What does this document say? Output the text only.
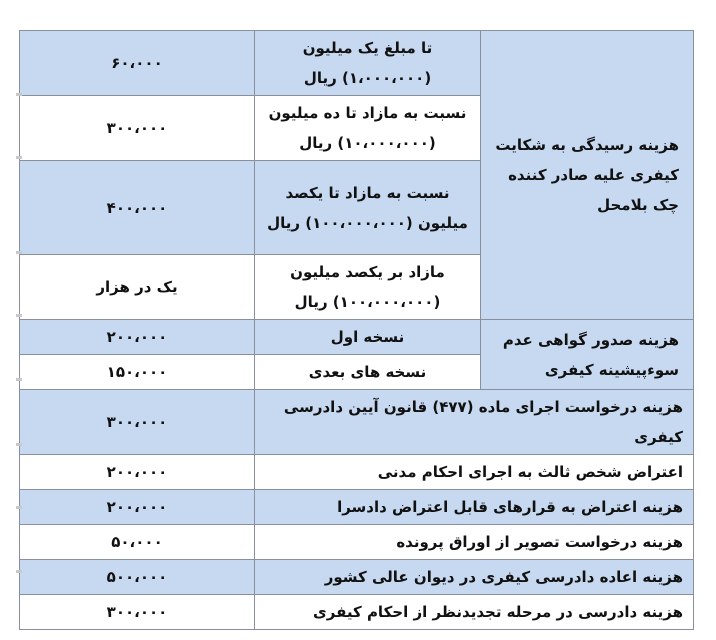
هزینه رسیدگی به شکایت کیفری علیه صادر کننده چک بلامحل	تا مبلغ یک میلیون (۱،۰۰۰،۰۰۰) ریال	۶۰،۰۰۰
	نسبت به مازاد تا ده میلیون (۱۰،۰۰۰،۰۰۰) ریال	۳۰۰،۰۰۰
	نسبت به مازاد تا یکصد میلیون (۱۰۰،۰۰۰،۰۰۰) ریال	۴۰۰،۰۰۰
	مازاد بر یکصد میلیون (۱۰۰،۰۰۰،۰۰۰) ریال	یک در هزار
هزینه صدور گواهی عدم سوءپیشینه کیفری	نسخه اول	۲۰۰،۰۰۰
	نسخه های بعدی	۱۵۰،۰۰۰
هزینه درخواست اجرای ماده (۴۷۷) قانون آیین دادرسی کیفری		۳۰۰،۰۰۰
اعتراض شخص ثالث به اجرای احکام مدنی		۲۰۰،۰۰۰
هزینه اعتراض به قرارهای قابل اعتراض دادسرا		۲۰۰،۰۰۰
هزینه درخواست تصویر از اوراق پرونده		۵۰،۰۰۰
هزینه اعاده دادرسی کیفری در دیوان عالی کشور		۵۰۰،۰۰۰
هزینه دادرسی در مرحله تجدیدنظر از احکام کیفری		۳۰۰،۰۰۰
